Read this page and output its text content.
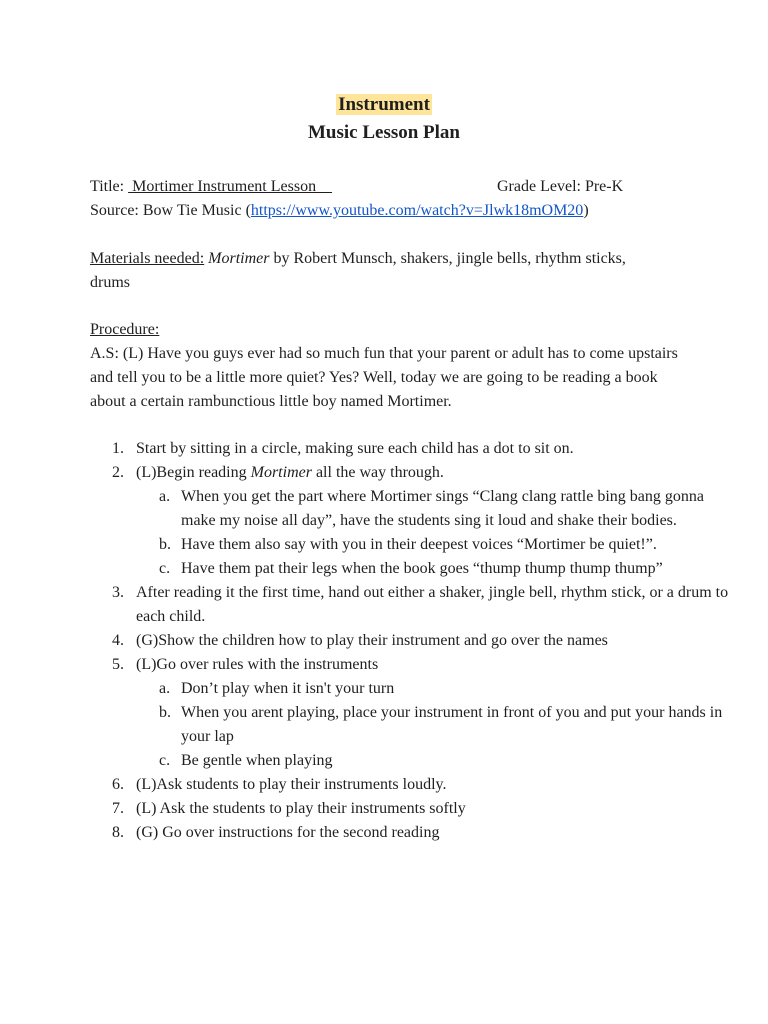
Instrument
Music Lesson Plan
Title:  Mortimer Instrument Lesson	Grade Level: Pre-K
Source: Bow Tie Music (https://www.youtube.com/watch?v=Jlwk18mOM20)
Materials needed: Mortimer by Robert Munsch, shakers, jingle bells, rhythm sticks, drums
Procedure:
A.S: (L) Have you guys ever had so much fun that your parent or adult has to come upstairs and tell you to be a little more quiet? Yes? Well, today we are going to be reading a book about a certain rambunctious little boy named Mortimer.
Start by sitting in a circle, making sure each child has a dot to sit on.
(L)Begin reading Mortimer all the way through.
When you get the part where Mortimer sings “Clang clang rattle bing bang gonna make my noise all day”, have the students sing it loud and shake their bodies.
Have them also say with you in their deepest voices “Mortimer be quiet!”.
Have them pat their legs when the book goes “thump thump thump thump”
After reading it the first time, hand out either a shaker, jingle bell, rhythm stick, or a drum to each child.
(G)Show the children how to play their instrument and go over the names
(L)Go over rules with the instruments
Don’t play when it isn't your turn
When you arent playing, place your instrument in front of you and put your hands in your lap
Be gentle when playing
(L)Ask students to play their instruments loudly.
(L) Ask the students to play their instruments softly
(G) Go over instructions for the second reading
